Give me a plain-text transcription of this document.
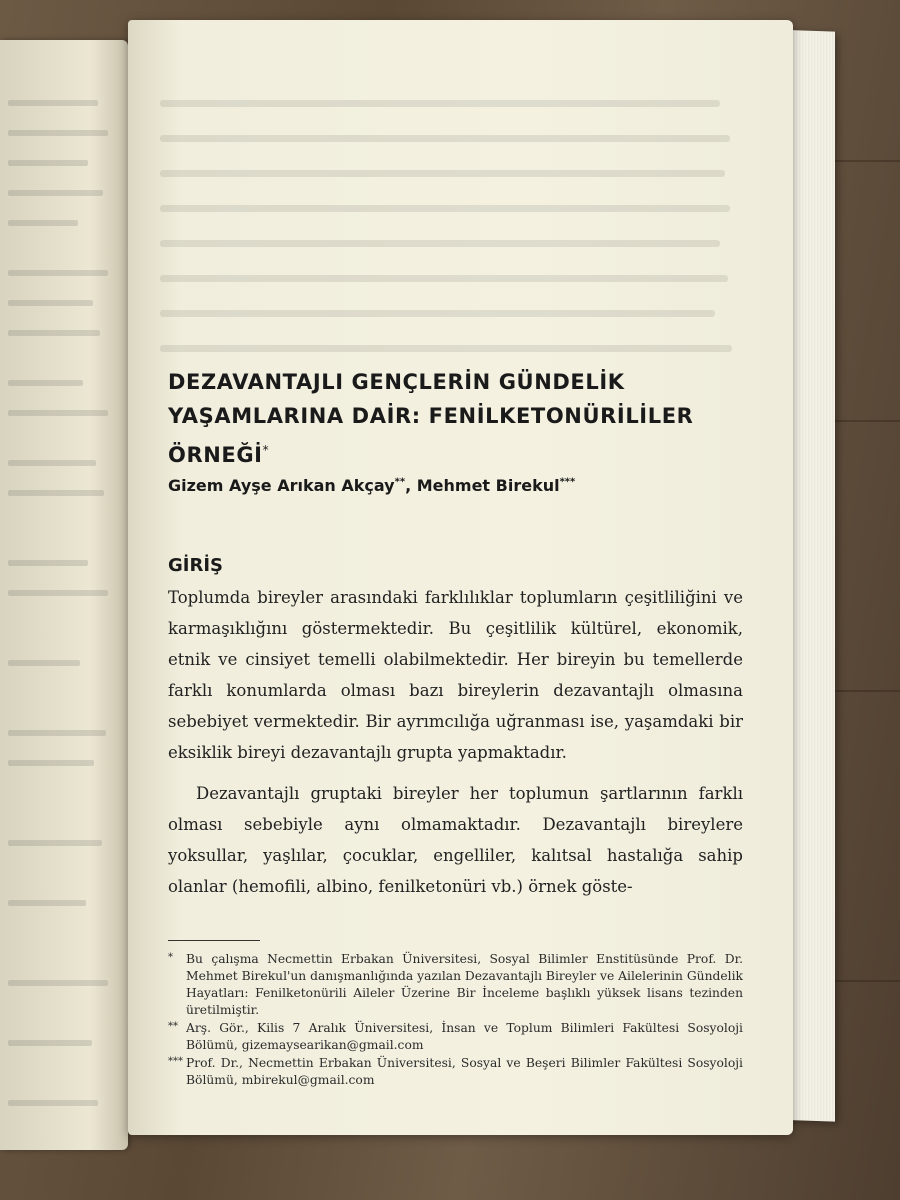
DEZAVANTAJLI GENÇLERİN GÜNDELİK
YAŞAMLARINA DAİR: FENİLKETONÜRİLİLER
ÖRNEĞİ*

Gizem Ayşe Arıkan Akçay**, Mehmet Birekul***

GİRİŞ

Toplumda bireyler arasındaki farklılıklar toplumların çeşitliliğini ve karmaşıklığını göstermektedir. Bu çeşitlilik kültürel, ekonomik, etnik ve cinsiyet temelli olabilmektedir. Her bireyin bu temellerde farklı konumlarda olması bazı bireylerin dezavantajlı olmasına sebebiyet vermektedir. Bir ayrımcılığa uğranması ise, yaşamdaki bir eksiklik bireyi dezavantajlı grupta yapmaktadır.

Dezavantajlı gruptaki bireyler her toplumun şartlarının farklı olması sebebiyle aynı olmamaktadır. Dezavantajlı bireylere yoksullar, yaşlılar, çocuklar, engelliler, kalıtsal hastalığa sahip olanlar (hemofili, albino, fenilketonüri vb.) örnek göste-

*	Bu çalışma Necmettin Erbakan Üniversitesi, Sosyal Bilimler Enstitüsünde Prof. Dr. Mehmet Birekul'un danışmanlığında yazılan Dezavantajlı Bireyler ve Ailelerinin Gündelik Hayatları: Fenilketonürili Aileler Üzerine Bir İnceleme başlıklı yüksek lisans tezinden üretilmiştir.
** Arş. Gör., Kilis 7 Aralık Üniversitesi, İnsan ve Toplum Bilimleri Fakültesi Sosyoloji Bölümü, gizemaysearikan@gmail.com
*** Prof. Dr., Necmettin Erbakan Üniversitesi, Sosyal ve Beşeri Bilimler Fakültesi Sosyoloji Bölümü, mbirekul@gmail.com
